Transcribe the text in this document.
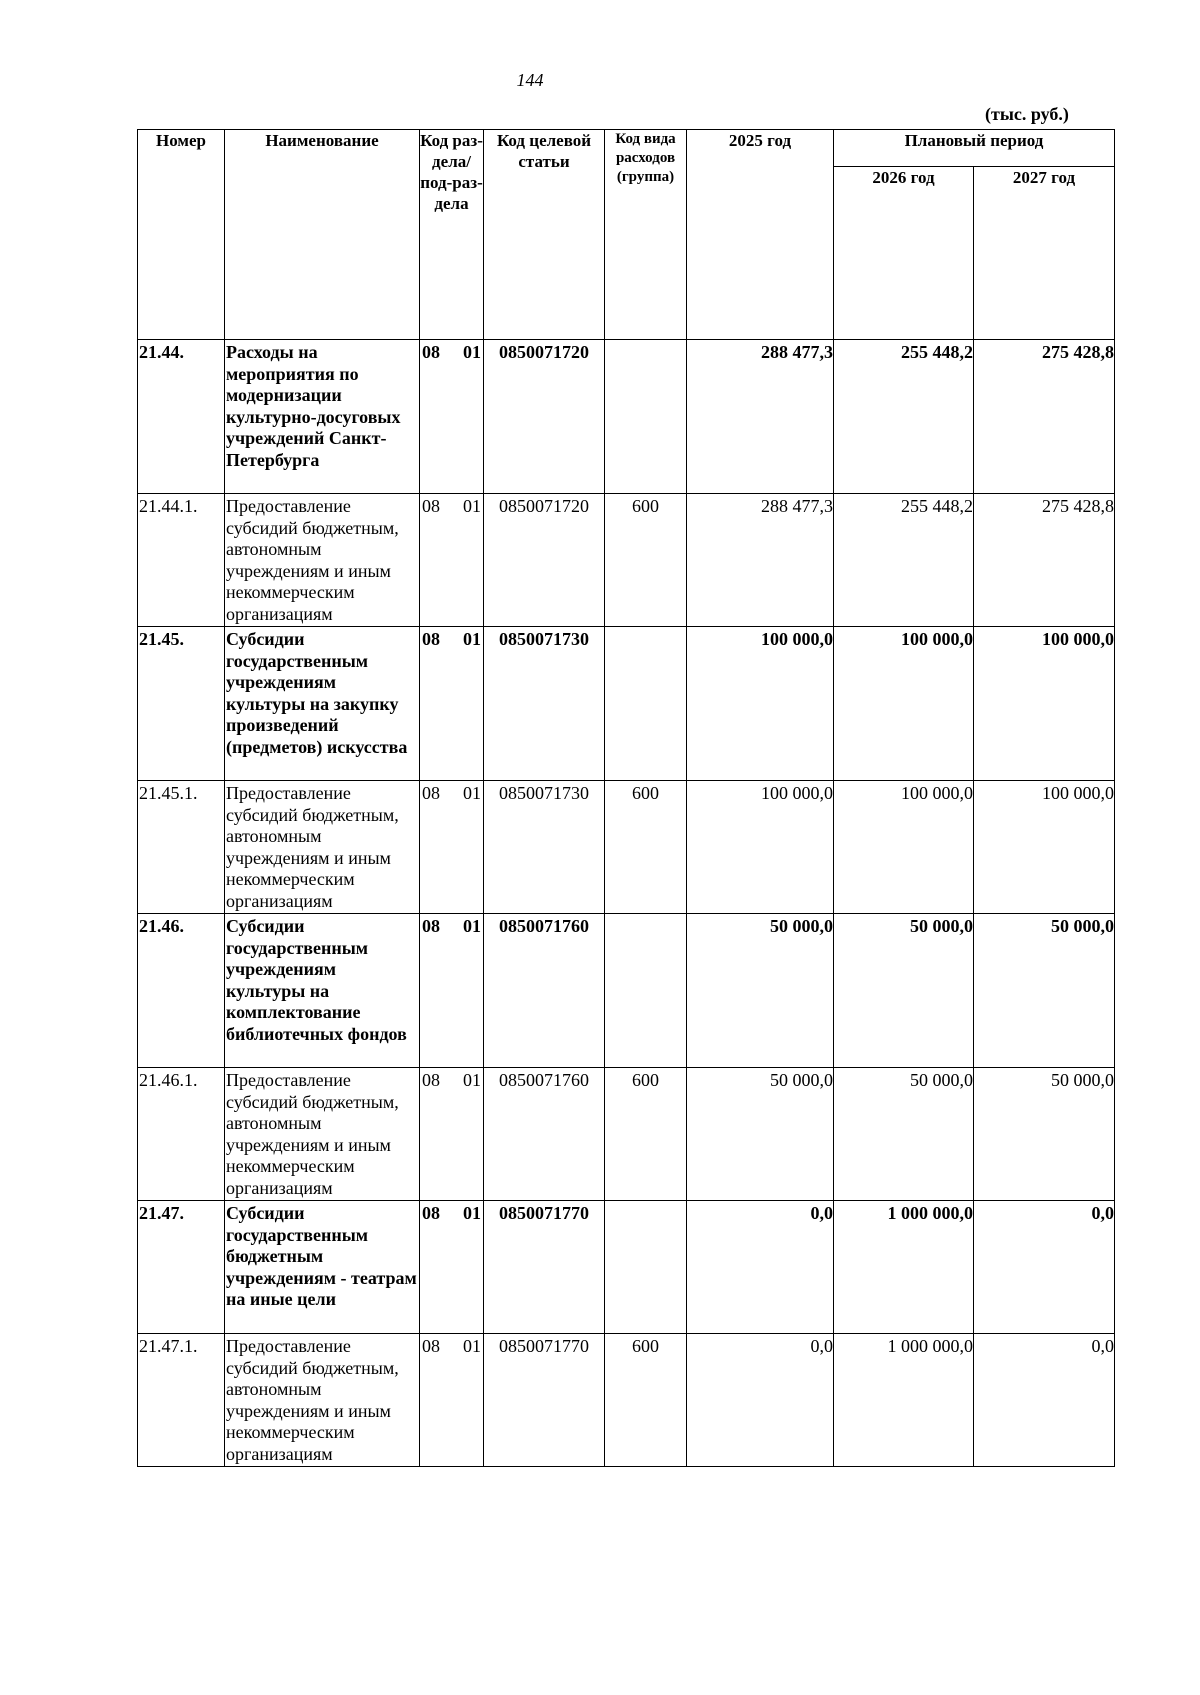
144
(тыс. руб.)
Номер	Наименование	Код раз-дела/ под-раз-дела	Код целевой статьи	Код вида расходов (группа)	2025 год	Плановый период	
						2026 год	2027 год
21.44.	Расходы на мероприятия по модернизации культурно-досуговых учреждений Санкт-Петербурга	08 01	0850071720		288 477,3	255 448,2	275 428,8
21.44.1.	Предоставление субсидий бюджетным, автономным учреждениям и иным некоммерческим организациям	08 01	0850071720	600	288 477,3	255 448,2	275 428,8
21.45.	Субсидии государственным учреждениям культуры на закупку произведений (предметов) искусства	08 01	0850071730		100 000,0	100 000,0	100 000,0
21.45.1.	Предоставление субсидий бюджетным, автономным учреждениям и иным некоммерческим организациям	08 01	0850071730	600	100 000,0	100 000,0	100 000,0
21.46.	Субсидии государственным учреждениям культуры на комплектование библиотечных фондов	08 01	0850071760		50 000,0	50 000,0	50 000,0
21.46.1.	Предоставление субсидий бюджетным, автономным учреждениям и иным некоммерческим организациям	08 01	0850071760	600	50 000,0	50 000,0	50 000,0
21.47.	Субсидии государственным бюджетным учреждениям - театрам на иные цели	08 01	0850071770		0,0	1 000 000,0	0,0
21.47.1.	Предоставление субсидий бюджетным, автономным учреждениям и иным некоммерческим организациям	08 01	0850071770	600	0,0	1 000 000,0	0,0
